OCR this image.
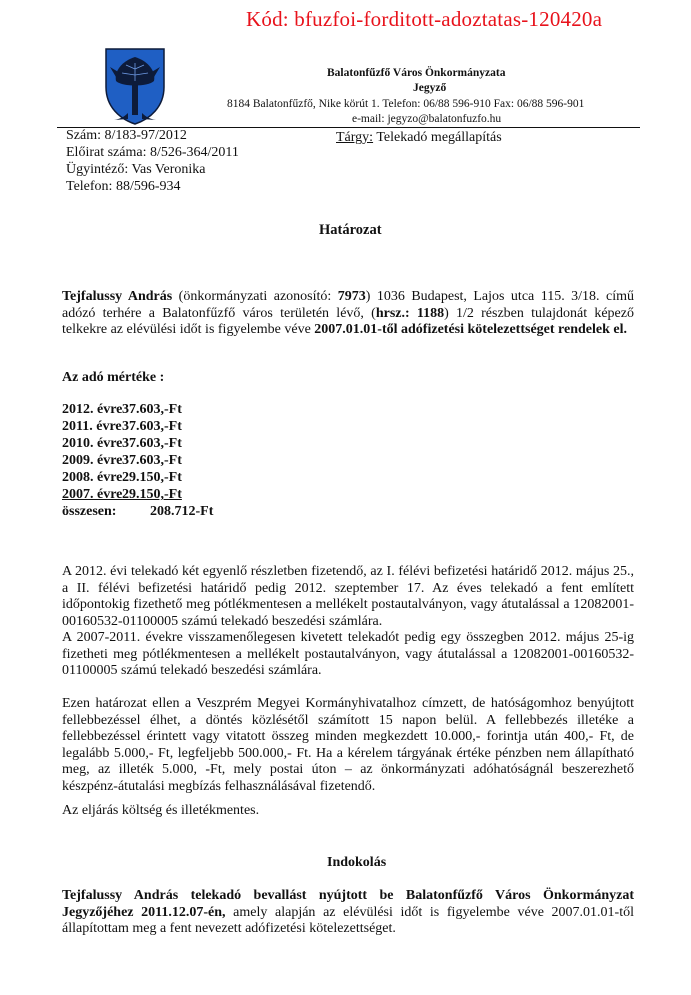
Kód: bfuzfoi-forditott-adoztatas-120420a
Balatonfűzfő Város Önkormányzata
Jegyző
8184 Balatonfűzfő, Nike körút 1. Telefon: 06/88 596-910 Fax: 06/88 596-901
e-mail: jegyzo@balatonfuzfo.hu
Szám: 8/183-97/2012
Előirat száma: 8/526-364/2011
Ügyintéző: Vas Veronika
Telefon: 88/596-934
Tárgy: Telekadó megállapítás
Határozat
Tejfalussy András (önkormányzati azonosító: 7973) 1036 Budapest, Lajos utca 115. 3/18. című adózó terhére a Balatonfűzfő város területén lévő, (hrsz.: 1188) 1/2 részben tulajdonát képező telkekre az elévülési időt is figyelembe véve 2007.01.01-től adófizetési kötelezettséget rendelek el.
Az adó mértéke :
2012. évre37.603,-Ft
2011. évre37.603,-Ft
2010. évre37.603,-Ft
2009. évre37.603,-Ft
2008. évre29.150,-Ft
2007. évre29.150,-Ft
összesen: 208.712-Ft
A 2012. évi telekadó két egyenlő részletben fizetendő, az I. félévi befizetési határidő 2012. május 25., a II. félévi befizetési határidő pedig 2012. szeptember 17. Az éves telekadó a fent említett időpontokig fizethető meg pótlékmentesen a mellékelt postautalványon, vagy átutalással a 12082001-00160532-01100005 számú telekadó beszedési számlára.
A 2007-2011. évekre visszamenőlegesen kivetett telekadót pedig egy összegben 2012. május 25-ig fizetheti meg pótlékmentesen a mellékelt postautalványon, vagy átutalással a 12082001-00160532-01100005 számú telekadó beszedési számlára.
Ezen határozat ellen a Veszprém Megyei Kormányhivatalhoz címzett, de hatóságomhoz benyújtott fellebbezéssel élhet, a döntés közlésétől számított 15 napon belül. A fellebbezés illetéke a fellebbezéssel érintett vagy vitatott összeg minden megkezdett 10.000,- forintja után 400,- Ft, de legalább 5.000,- Ft, legfeljebb 500.000,- Ft. Ha a kérelem tárgyának értéke pénzben nem állapítható meg, az illeték 5.000, -Ft, mely postai úton – az önkormányzati adóhatóságnál beszerezhető készpénz-átutalási megbízás felhasználásával fizetendő.
Az eljárás költség és illetékmentes.
Indokolás
Tejfalussy András telekadó bevallást nyújtott be Balatonfűzfő Város Önkormányzat Jegyzőjéhez 2011.12.07-én, amely alapján az elévülési időt is figyelembe véve 2007.01.01-től állapítottam meg a fent nevezett adófizetési kötelezettséget.
